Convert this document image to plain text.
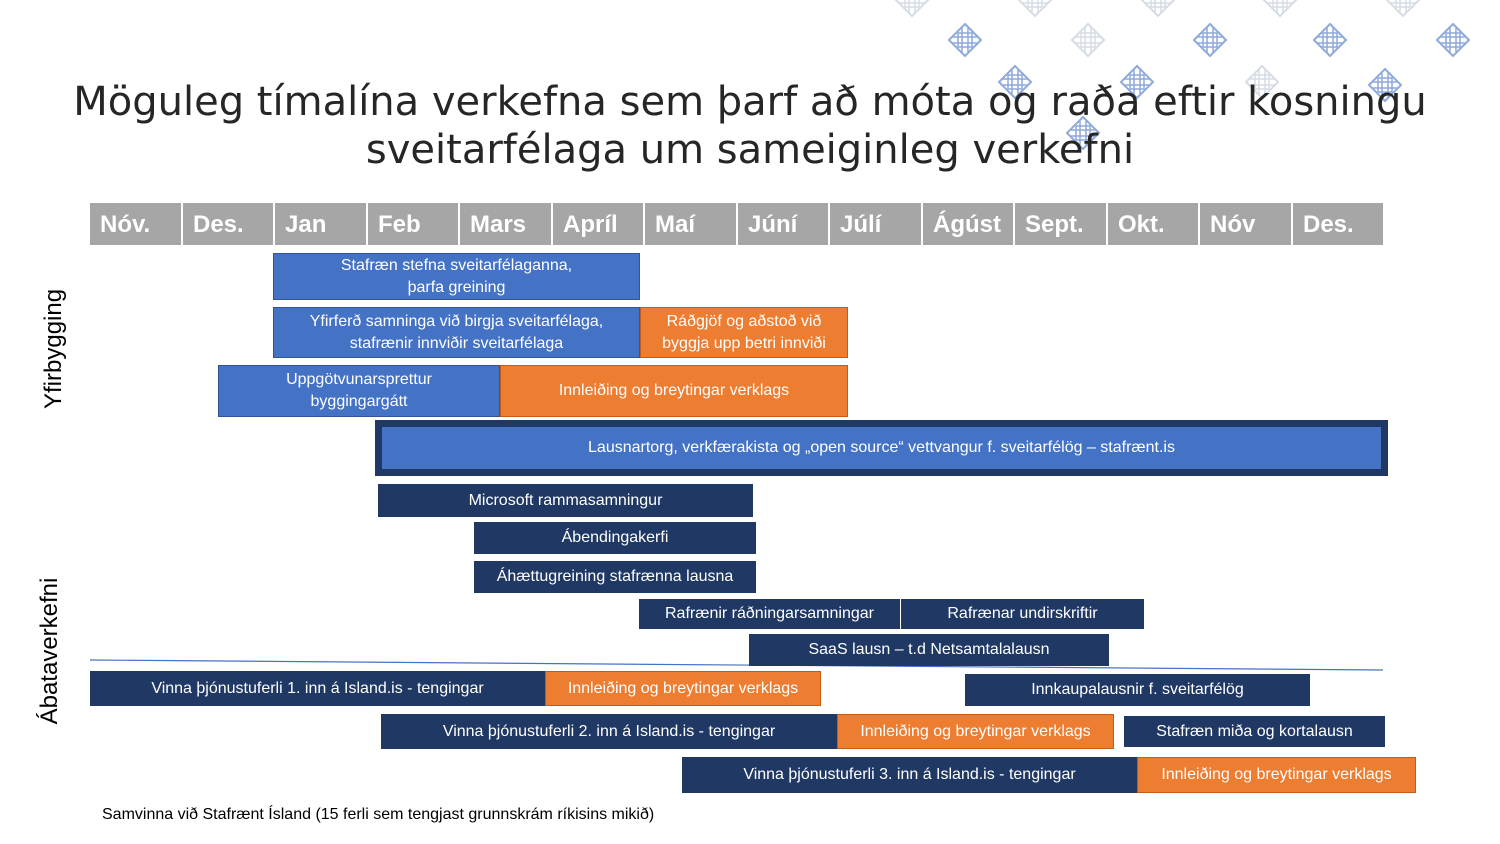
Möguleg tímalína verkefna sem þarf að móta og raða eftir kosningu
sveitarfélaga um sameiginleg verkefni
Nóv.	Des.	Jan	Feb	Mars	Apríl	Maí	Júní	Júlí	Ágúst	Sept.	Okt.	Nóv	Des.
Yfirbygging
Ábataverkefni
Stafræn stefna sveitarfélaganna,
þarfa greining
Yfirferð samninga við birgja sveitarfélaga,
stafrænir innviðir sveitarfélaga
Ráðgjöf og aðstoð við
byggja upp betri innviði
Uppgötvunarsprettur
byggingargátt
Innleiðing og breytingar verklags
Lausnartorg, verkfærakista og „open source“ vettvangur f. sveitarfélög – stafrænt.is
Microsoft rammasamningur
Ábendingakerfi
Áhættugreining stafrænna lausna
Rafrænir ráðningarsamningar	Rafrænar undirskriftir
SaaS lausn – t.d Netsamtalalausn
Vinna þjónustuferli 1. inn á Island.is - tengingar	Innleiðing og breytingar verklags	Innkaupalausnir f. sveitarfélög
Vinna þjónustuferli 2. inn á Island.is - tengingar	Innleiðing og breytingar verklags	Stafræn miða og kortalausn
Vinna þjónustuferli 3. inn á Island.is - tengingar	Innleiðing og breytingar verklags
Samvinna við Stafrænt Ísland (15 ferli sem tengjast grunnskrám ríkisins mikið)
